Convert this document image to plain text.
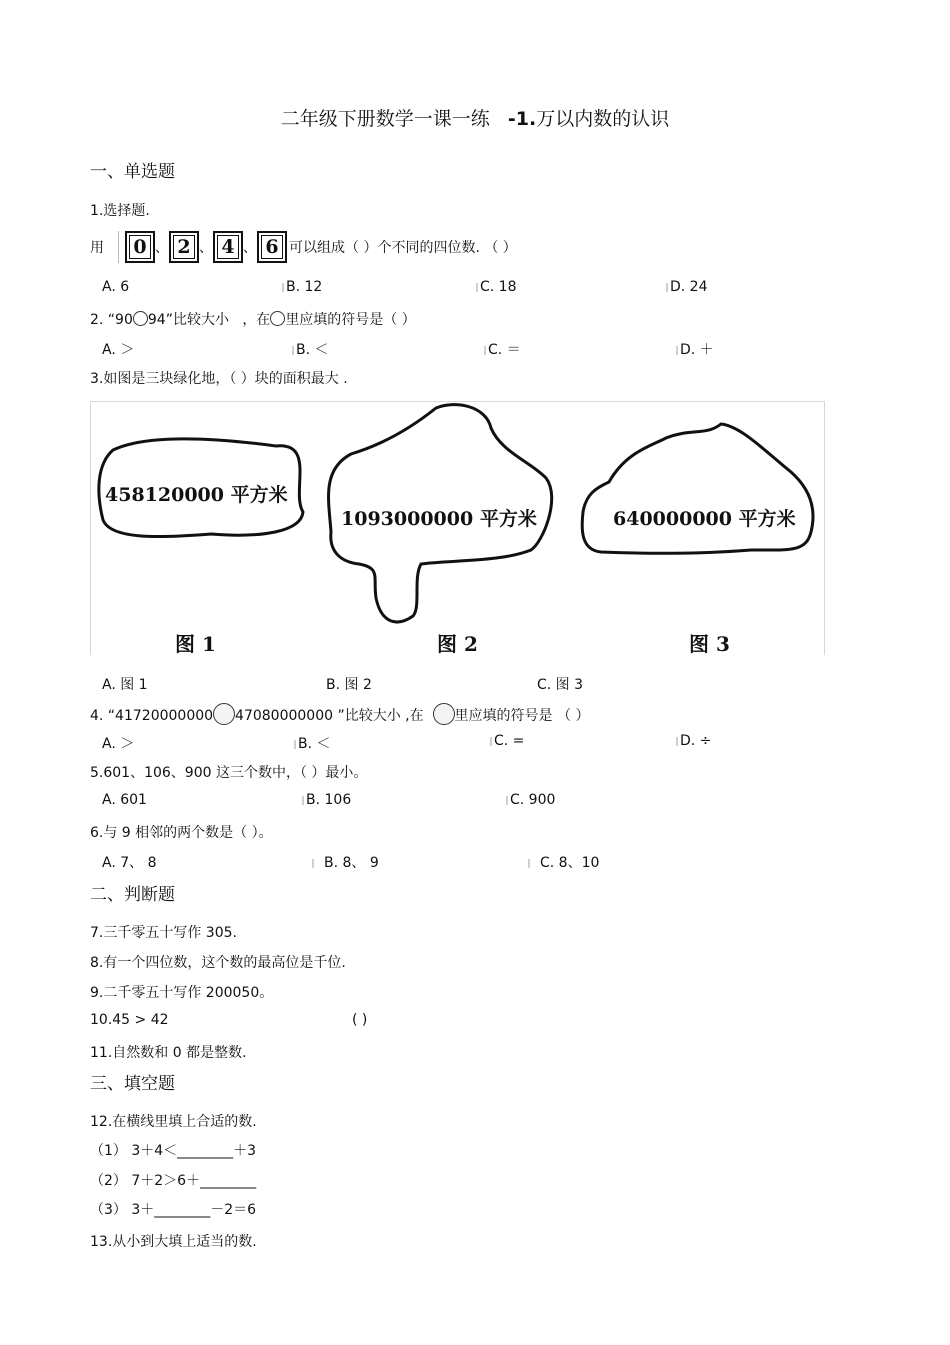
二年级下册数学一课一练 -1.万以内数的认识
一、单选题
1.选择题.
用	0 、 2 、 4 、 6 可以组成（ ）个不同的四位数. （ ）
A. 6	B. 12	C. 18	D. 24
2. “90 94”比较大小 ，在 里应填的符号是（ ）
A. ＞	B. ＜	C. ＝	D. ＋
3.如图是三块绿化地，（ ）块的面积最大 .
458120000 平方米
1093000000 平方米	640000000 平方米
图 1	图 2	图 3
A. 图 1	B. 图 2	C. 图 3
4. “41720000000 47080000000 ”比较大小 ,在 里应填的符号是 （ ）
A. ＞	B. ＜	C. =	D. ÷
5.601、106、900 这三个数中，（ ）最小。
A. 601	B. 106	C. 900
6.与 9 相邻的两个数是（ ）。
A. 7、 8	B. 8、 9	C. 8、10
二、判断题
7.三千零五十写作 305.
8.有一个四位数，这个数的最高位是千位.
9.二千零五十写作 200050。
10.45 > 42	( )
11.自然数和 0 都是整数.
三、填空题
12.在横线里填上合适的数.
（1） 3＋4＜________＋3
（2） 7＋2＞6＋________
（3） 3＋________－2＝6
13.从小到大填上适当的数.
